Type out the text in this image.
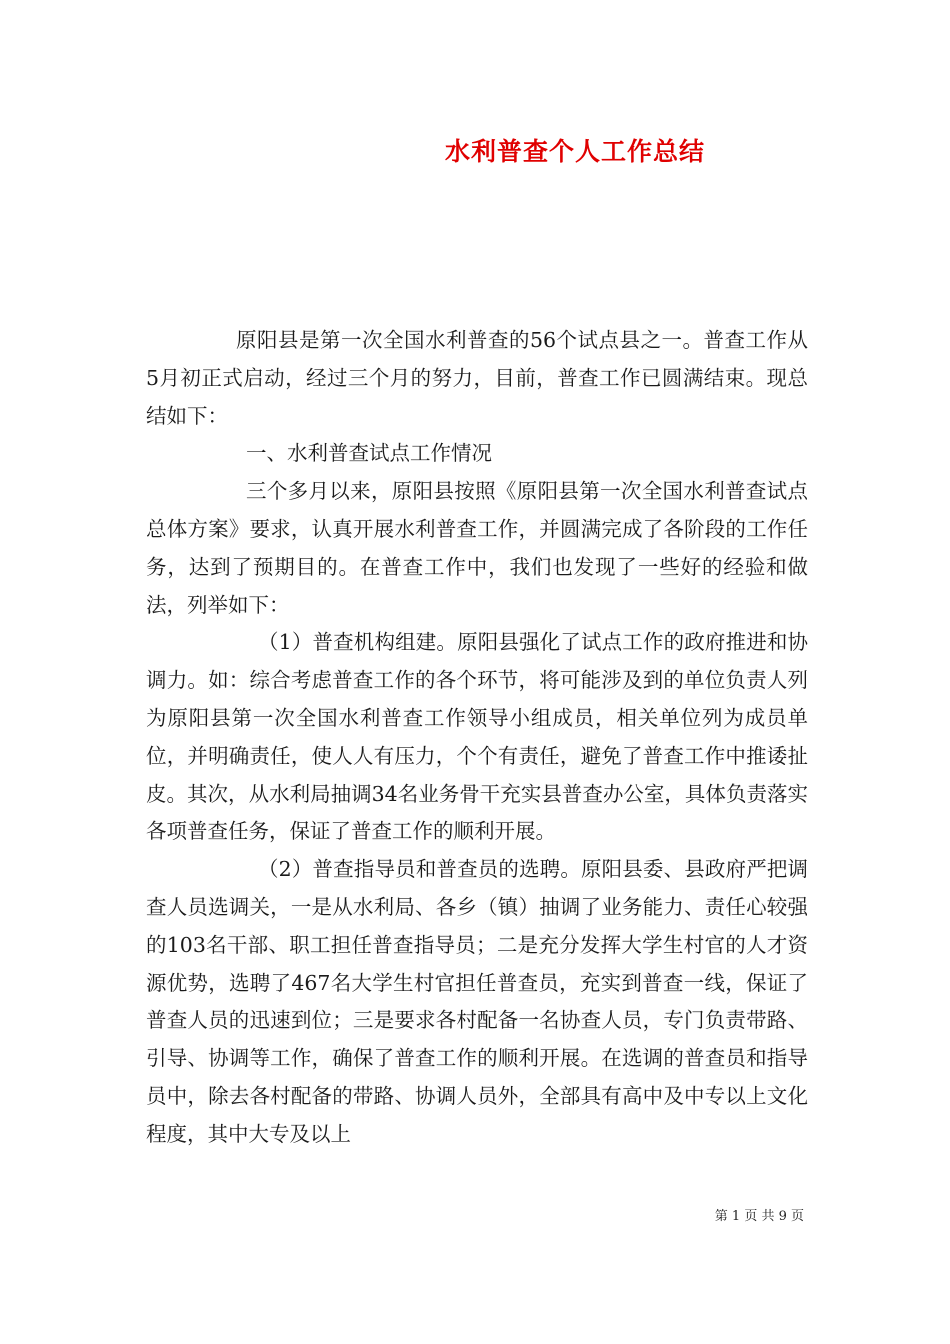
水利普查个人工作总结

原阳县是第一次全国水利普查的56个试点县之一。普查工作从5月初正式启动，经过三个月的努力，目前，普查工作已圆满结束。现总结如下：

一、水利普查试点工作情况

三个多月以来，原阳县按照《原阳县第一次全国水利普查试点总体方案》要求，认真开展水利普查工作，并圆满完成了各阶段的工作任务，达到了预期目的。在普查工作中，我们也发现了一些好的经验和做法，列举如下：

（1）普查机构组建。原阳县强化了试点工作的政府推进和协调力。如：综合考虑普查工作的各个环节，将可能涉及到的单位负责人列为原阳县第一次全国水利普查工作领导小组成员，相关单位列为成员单位，并明确责任，使人人有压力，个个有责任，避免了普查工作中推诿扯皮。其次，从水利局抽调34名业务骨干充实县普查办公室，具体负责落实各项普查任务，保证了普查工作的顺利开展。

（2）普查指导员和普查员的选聘。原阳县委、县政府严把调查人员选调关，一是从水利局、各乡（镇）抽调了业务能力、责任心较强的103名干部、职工担任普查指导员；二是充分发挥大学生村官的人才资源优势，选聘了467名大学生村官担任普查员，充实到普查一线，保证了普查人员的迅速到位；三是要求各村配备一名协查人员，专门负责带路、引导、协调等工作，确保了普查工作的顺利开展。在选调的普查员和指导员中，除去各村配备的带路、协调人员外，全部具有高中及中专以上文化程度，其中大专及以上

第 1 页 共 9 页
